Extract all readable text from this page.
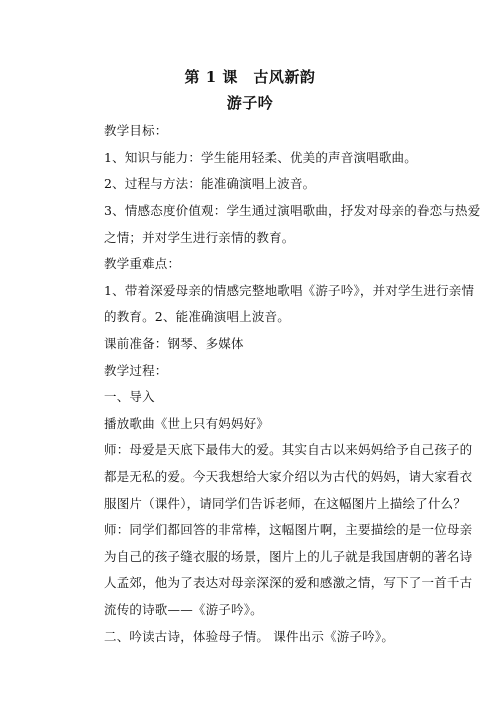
第 1 课　古风新韵
游子吟
教学目标：
1、知识与能力：学生能用轻柔、优美的声音演唱歌曲。
2、过程与方法：能准确演唱上波音。
3、情感态度价值观：学生通过演唱歌曲，抒发对母亲的眷恋与热爱
之情；并对学生进行亲情的教育。
教学重难点：
1、带着深爱母亲的情感完整地歌唱《游子吟》，并对学生进行亲情
的教育。2、能准确演唱上波音。
课前准备：钢琴、多媒体
教学过程：
一、导入
播放歌曲《世上只有妈妈好》
师：母爱是天底下最伟大的爱。其实自古以来妈妈给予自己孩子的
都是无私的爱。今天我想给大家介绍以为古代的妈妈，请大家看衣
服图片（课件），请同学们告诉老师，在这幅图片上描绘了什么？
师：同学们都回答的非常棒，这幅图片啊，主要描绘的是一位母亲
为自己的孩子缝衣服的场景，图片上的儿子就是我国唐朝的著名诗
人孟郊，他为了表达对母亲深深的爱和感激之情，写下了一首千古
流传的诗歌——《游子吟》。
二、吟读古诗，体验母子情。 课件出示《游子吟》。
